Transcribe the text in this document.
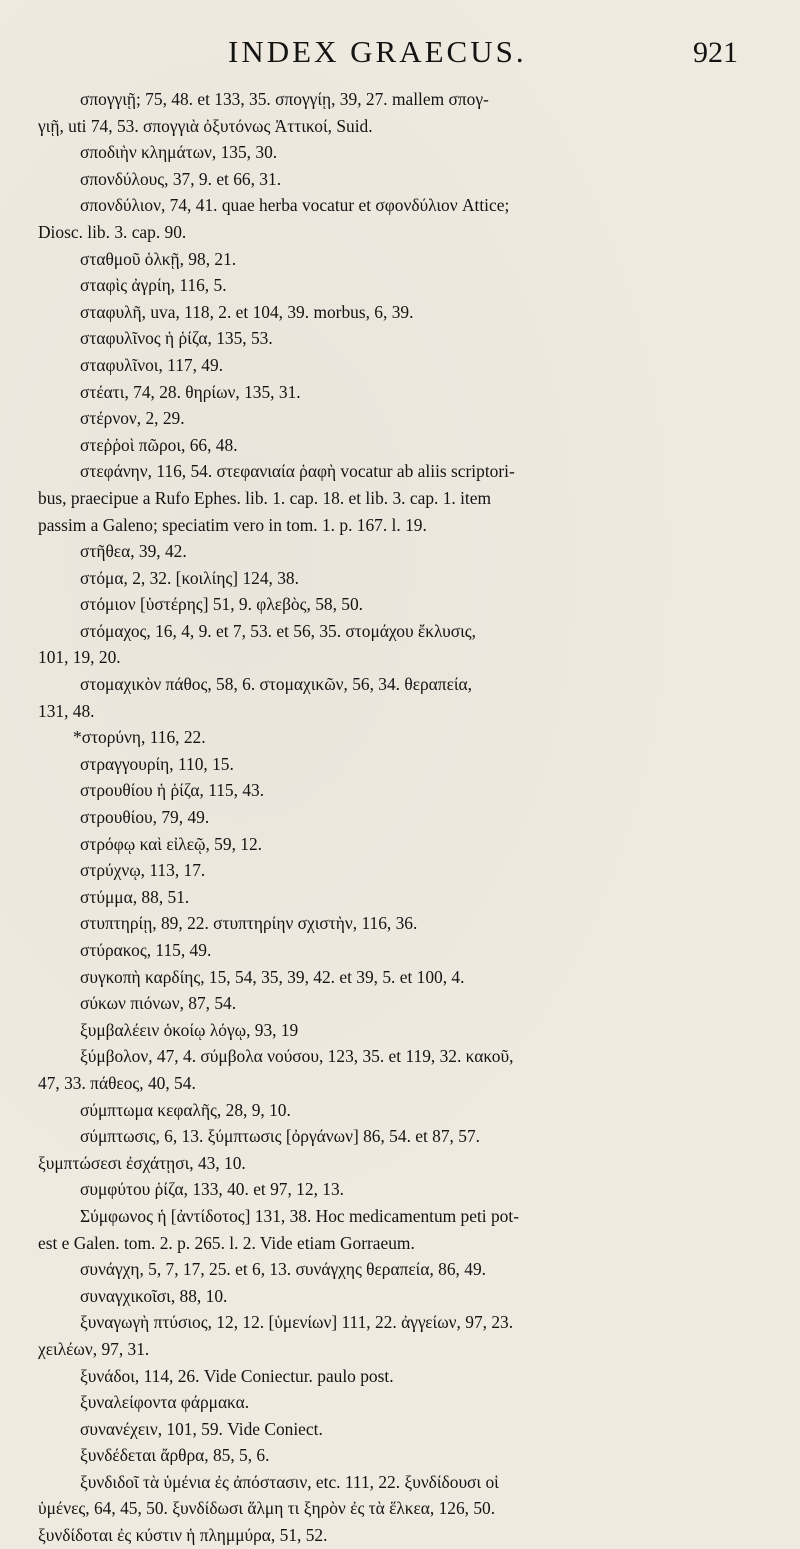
INDEX GRAECUS.	921
σπογγιῇ; 75, 48. et 133, 35. σπογγίῃ, 39, 27. mallem σπογ-
γιῇ, uti 74, 53. σπογγιὰ ὀξυτόνως Ἀττικοί, Suid.
σποδιὴν κλημάτων, 135, 30.
σπονδύλους, 37, 9. et 66, 31.
σπονδύλιον, 74, 41. quae herba vocatur et σφονδύλιον Attice;
Diosc. lib. 3. cap. 90.
σταθμοῦ ὁλκῇ, 98, 21.
σταφὶς ἀγρίη, 116, 5.
σταφυλῆ, uva, 118, 2. et 104, 39. morbus, 6, 39.
σταφυλῖνος ἡ ῥίζα, 135, 53.
σταφυλῖνοι, 117, 49.
στέατι, 74, 28. θηρίων, 135, 31.
στέρνον, 2, 29.
στεῤῥοὶ πῶροι, 66, 48.
στεφάνην, 116, 54. στεφανιαία ῥαφὴ vocatur ab aliis scriptori-
bus, praecipue a Rufo Ephes. lib. 1. cap. 18. et lib. 3. cap. 1. item
passim a Galeno; speciatim vero in tom. 1. p. 167. l. 19.
στῆθεα, 39, 42.
στόμα, 2, 32. [κοιλίης] 124, 38.
στόμιον [ὑστέρης] 51, 9. φλεβὸς, 58, 50.
στόμαχος, 16, 4, 9. et 7, 53. et 56, 35. στομάχου ἔκλυσις,
101, 19, 20.
στομαχικὸν πάθος, 58, 6. στομαχικῶν, 56, 34. θεραπεία,
131, 48.
*στορύνη, 116, 22.
στραγγουρίη, 110, 15.
στρουθίου ἡ ῥίζα, 115, 43.
στρουθίου, 79, 49.
στρόφῳ καὶ εἰλεῷ, 59, 12.
στρύχνῳ, 113, 17.
στύμμα, 88, 51.
στυπτηρίῃ, 89, 22. στυπτηρίην σχιστὴν, 116, 36.
στύρακος, 115, 49.
συγκοπὴ καρδίης, 15, 54, 35, 39, 42. et 39, 5. et 100, 4.
σύκων πιόνων, 87, 54.
ξυμβαλέειν ὁκοίῳ λόγῳ, 93, 19
ξύμβολον, 47, 4. σύμβολα νούσου, 123, 35. et 119, 32. κακοῦ,
47, 33. πάθεος, 40, 54.
σύμπτωμα κεφαλῆς, 28, 9, 10.
σύμπτωσις, 6, 13. ξύμπτωσις [ὀργάνων] 86, 54. et 87, 57.
ξυμπτώσεσι ἐσχάτῃσι, 43, 10.
συμφύτου ῥίζα, 133, 40. et 97, 12, 13.
Σύμφωνος ἡ [ἀντίδοτος] 131, 38. Hoc medicamentum peti pot-
est e Galen. tom. 2. p. 265. l. 2. Vide etiam Gorraeum.
συνάγχη, 5, 7, 17, 25. et 6, 13. συνάγχης θεραπεία, 86, 49.
συναγχικοῖσι, 88, 10.
ξυναγωγὴ πτύσιος, 12, 12. [ὑμενίων] 111, 22. ἀγγείων, 97, 23.
χειλέων, 97, 31.
ξυνάδοι, 114, 26. Vide Coniectur. paulo post.
ξυναλείφοντα φάρμακα.
συνανέχειν, 101, 59. Vide Coniect.
ξυνδέδεται ἄρθρα, 85, 5, 6.
ξυνδιδοῖ τὰ ὑμένια ἐς ἀπόστασιν, etc. 111, 22. ξυνδίδουσι οἱ
ὑμένες, 64, 45, 50. ξυνδίδωσι ἅλμη τι ξηρὸν ἐς τὰ ἕλκεα, 126, 50.
ξυνδίδοται ἐς κύστιν ἡ πλημμύρα, 51, 52.
